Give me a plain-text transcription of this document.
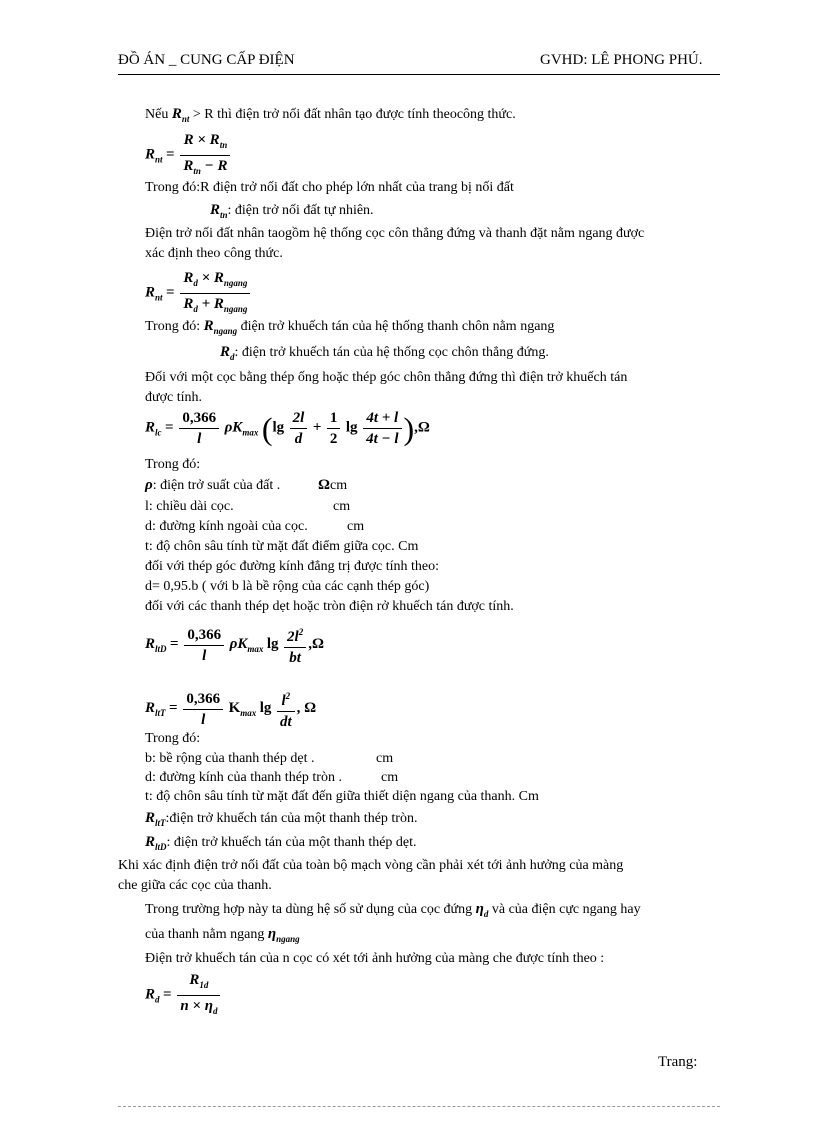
ĐỒ ÁN _ CUNG CẤP ĐIỆN	GVHD: LÊ PHONG PHÚ.
Nếu $R_{nt} > R$ thì điện trở nối đất nhân tạo được tính theocông thức.
$R_{nt} = \frac{R \times R_{tn}}{R_{tn} - R}$
Trong đó:R điện trở nối đất cho phép lớn nhất của trang bị nối đất
$R_{tn}$: điện trở nối đất tự nhiên.
Điện trở nối đất nhân taogồm hệ thống cọc côn thẳng đứng và thanh đặt nằm ngang được
xác định theo công thức.
$R_{nt} = \frac{R_d \times R_{ngang}}{R_d + R_{ngang}}$
Trong đó: $R_{ngang}$ điện trở khuếch tán của hệ thống thanh chôn nằm ngang
$R_d$: điện trở khuếch tán của hệ thống cọc chôn thẳng đứng.
Đối với một cọc bằng thép ống hoặc thép góc chôn thẳng đứng thì điện trở khuếch tán
được tính.
$R_{lc} = \frac{0,366}{l} \rho K_{max}$ ($\lg \frac{2l}{d} + \frac{1}{2}$ $\lg \frac{4t + l}{4t - l} ),\Omega$
Trong đó:
ρ: điện trở suất của đất .	Ωcm
l: chiều dài cọc.	cm
d: đường kính ngoài của cọc.	cm
t: độ chôn sâu tính từ mặt đất điểm giữa cọc. Cm
đối với thép góc đường kính đẳng trị được tính theo:
d= 0,95.b ( với b là bề rộng của các cạnh thép góc)
đối với các thanh thép dẹt hoặc tròn điện rở khuếch tán được tính.
$R_{ltD} = \frac{0,366}{l} \rho K_{max}$ $\lg \frac{2l^2}{bt} ,\Omega$
$R_{ltT} = \frac{0,366}{l} K_{max}$ $\lg \frac{l^2}{dt}$ , Ω
Trong đó:
b: bề rộng của thanh thép dẹt .	cm
d: đường kính của thanh thép tròn .	cm
t: độ chôn sâu tính từ mặt đất đến giữa thiết diện ngang của thanh. Cm
$R_{ltT}:điện$ trở khuếch tán của một thanh thép tròn.
$R_{ltD}$: điện trở khuếch tán của một thanh thép dẹt.
Khi xác định điện trở nối đất của toàn bộ mạch vòng cần phải xét tới ảnh hưởng của màng
che giữa các cọc của thanh.
Trong trường hợp này ta dùng hệ số sử dụng của cọc đứng $\eta_d$ và của điện cực ngang hay
của thanh nằm ngang $\eta_{ngang}$
Điện trở khuếch tán của n cọc có xét tới ảnh hưởng của màng che được tính theo :
$R_d = \frac{R_{1d}}{n \times \eta_d}$
Trang:
